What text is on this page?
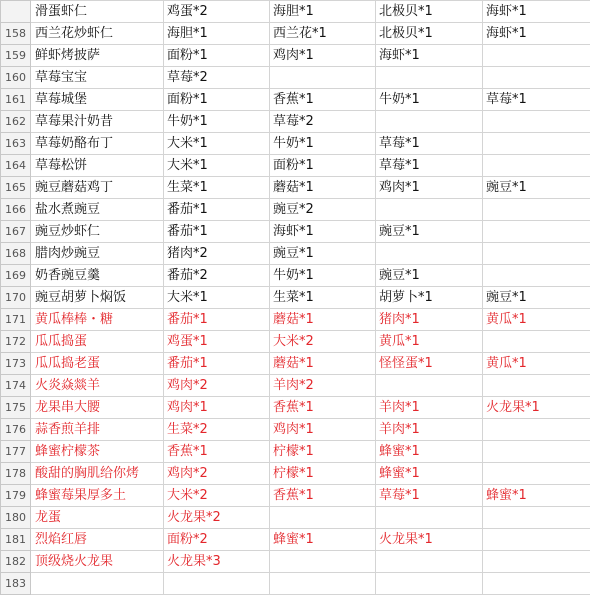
	滑蛋虾仁	鸡蛋*2	海胆*1	北极贝*1	海虾*1
158	西兰花炒虾仁	海胆*1	西兰花*1	北极贝*1	海虾*1
159	鲜虾烤披萨	面粉*1	鸡肉*1	海虾*1	
160	草莓宝宝	草莓*2			
161	草莓城堡	面粉*1	香蕉*1	牛奶*1	草莓*1
162	草莓果汁奶昔	牛奶*1	草莓*2		
163	草莓奶酪布丁	大米*1	牛奶*1	草莓*1	
164	草莓松饼	大米*1	面粉*1	草莓*1	
165	豌豆蘑菇鸡丁	生菜*1	蘑菇*1	鸡肉*1	豌豆*1
166	盐水煮豌豆	番茄*1	豌豆*2		
167	豌豆炒虾仁	番茄*1	海虾*1	豌豆*1	
168	腊肉炒豌豆	猪肉*2	豌豆*1		
169	奶香豌豆羹	番茄*2	牛奶*1	豌豆*1	
170	豌豆胡萝卜焖饭	大米*1	生菜*1	胡萝卜*1	豌豆*1
171	黄瓜棒棒・糖	番茄*1	蘑菇*1	猪肉*1	黄瓜*1
172	瓜瓜捣蛋	鸡蛋*1	大米*2	黄瓜*1	
173	瓜瓜捣老蛋	番茄*1	蘑菇*1	怪怪蛋*1	黄瓜*1
174	火炎焱燚羊	鸡肉*2	羊肉*2		
175	龙果串大腰	鸡肉*1	香蕉*1	羊肉*1	火龙果*1
176	蒜香煎羊排	生菜*2	鸡肉*1	羊肉*1	
177	蜂蜜柠檬茶	香蕉*1	柠檬*1	蜂蜜*1	
178	酸甜的胸肌给你烤	鸡肉*2	柠檬*1	蜂蜜*1	
179	蜂蜜莓果厚多土	大米*2	香蕉*1	草莓*1	蜂蜜*1
180	龙蛋	火龙果*2			
181	烈焰红唇	面粉*2	蜂蜜*1	火龙果*1	
182	顶级烧火龙果	火龙果*3			
183					
